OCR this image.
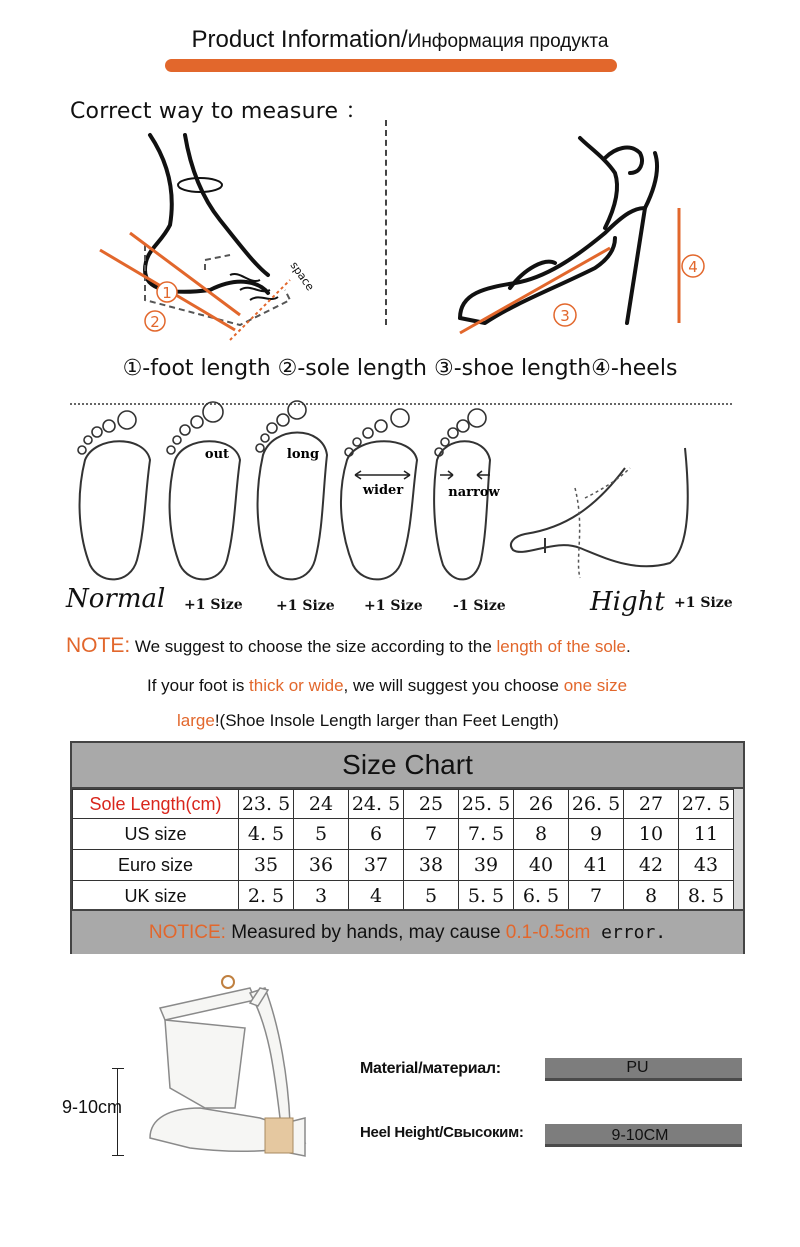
Product Information/Информация продукта
Correct way to measure ：
1
2
space
3
4
①-foot length ②-sole length ③-shoe length④-heels
out	long
wider	narrow
Normal +1 Size +1 Size +1 Size -1 Size	Hight +1 Size
NOTE: We suggest to choose the size according to the length of the sole.
If your foot is thick or wide, we will suggest you choose one size
large!(Shoe Insole Length larger than Feet Length)
Size Chart
Sole Length(cm)	23. 5	24	24. 5	25	25. 5	26	26. 5	27	27. 5
US size	4. 5	5	6	7	7. 5	8	9	10	11
Euro size	35	36	37	38	39	40	41	42	43
UK size	2. 5	3	4	5	5. 5	6. 5	7	8	8. 5
NOTICE: Measured by hands, may cause 0.1-0.5cm error.
9-10cm
Material/материал:	PU
Heel Height/Свысоким:	9-10CM
